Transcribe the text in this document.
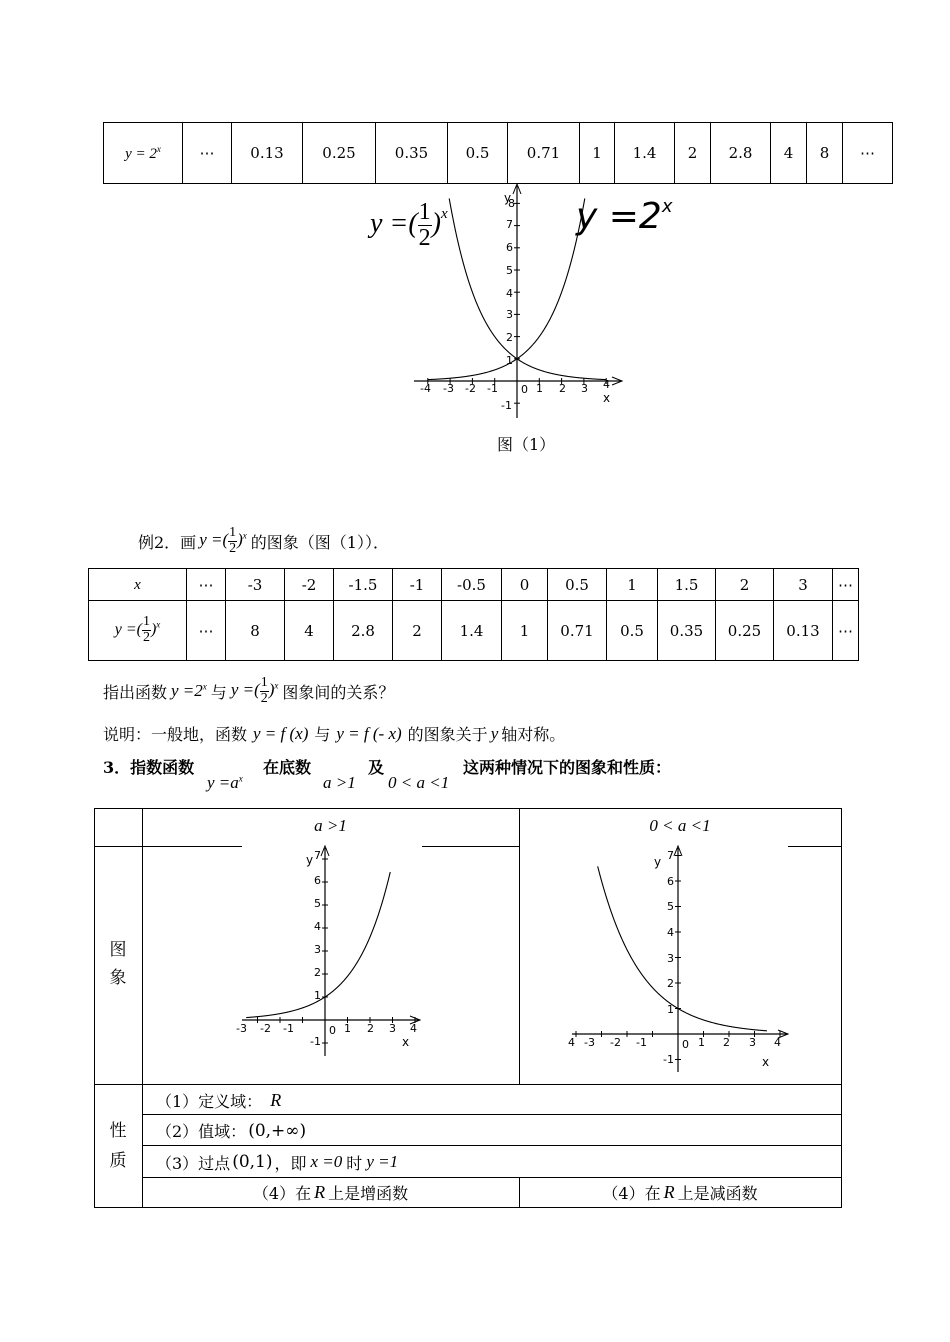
$y = 2^x$	⋯	0.13	0.25	0.35	0.5	0.71	1	1.4	2	2.8	4	8	⋯
y
8
7
6
5
4
3
2
1
-1
-4 -3 -2 -1 0 1 2 3 4
x
y =( $\frac{1}{2} )^x$	$y =2^x$
图（1）
例2．画 y =( $\frac{1}{2} )^x$ 的图象（图（1））．
x	⋯	-3	-2	-1.5	-1	-0.5	0	0.5	1	1.5	2	3	⋯
y =( $\frac{1}{2} )^x$	⋯	8	4	2.8	2	1.4	1	0.71	0.5	0.35	0.25	0.13	⋯
指出函数 $y =2^x$ 与 y =( $\frac{1}{2} )^x$ 图象间的关系？
说明：一般地，函数 y = f (x) 与 y = f (- x) 的图象关于 y 轴对称。
3．指数函数
$y =a^x$
在底数
a >1
及
0 < a <1
这两种情况下的图象和性质：
a >1	0 < a <1
图象
性质
y 7
6
5
4
3
2
1
-1
-3 -2 -1	0 1 2 3 4
x
y 7
6
5
4
3
2
1
-1
4 -3 -2 -1	0 1 2 3 4
x
（1）定义域： R
（2）值域： (0,+∞)
（3）过点 (0,1) ，即 x =0 时 y =1
（4）在 R 上是增函数	（4）在 R 上是减函数
